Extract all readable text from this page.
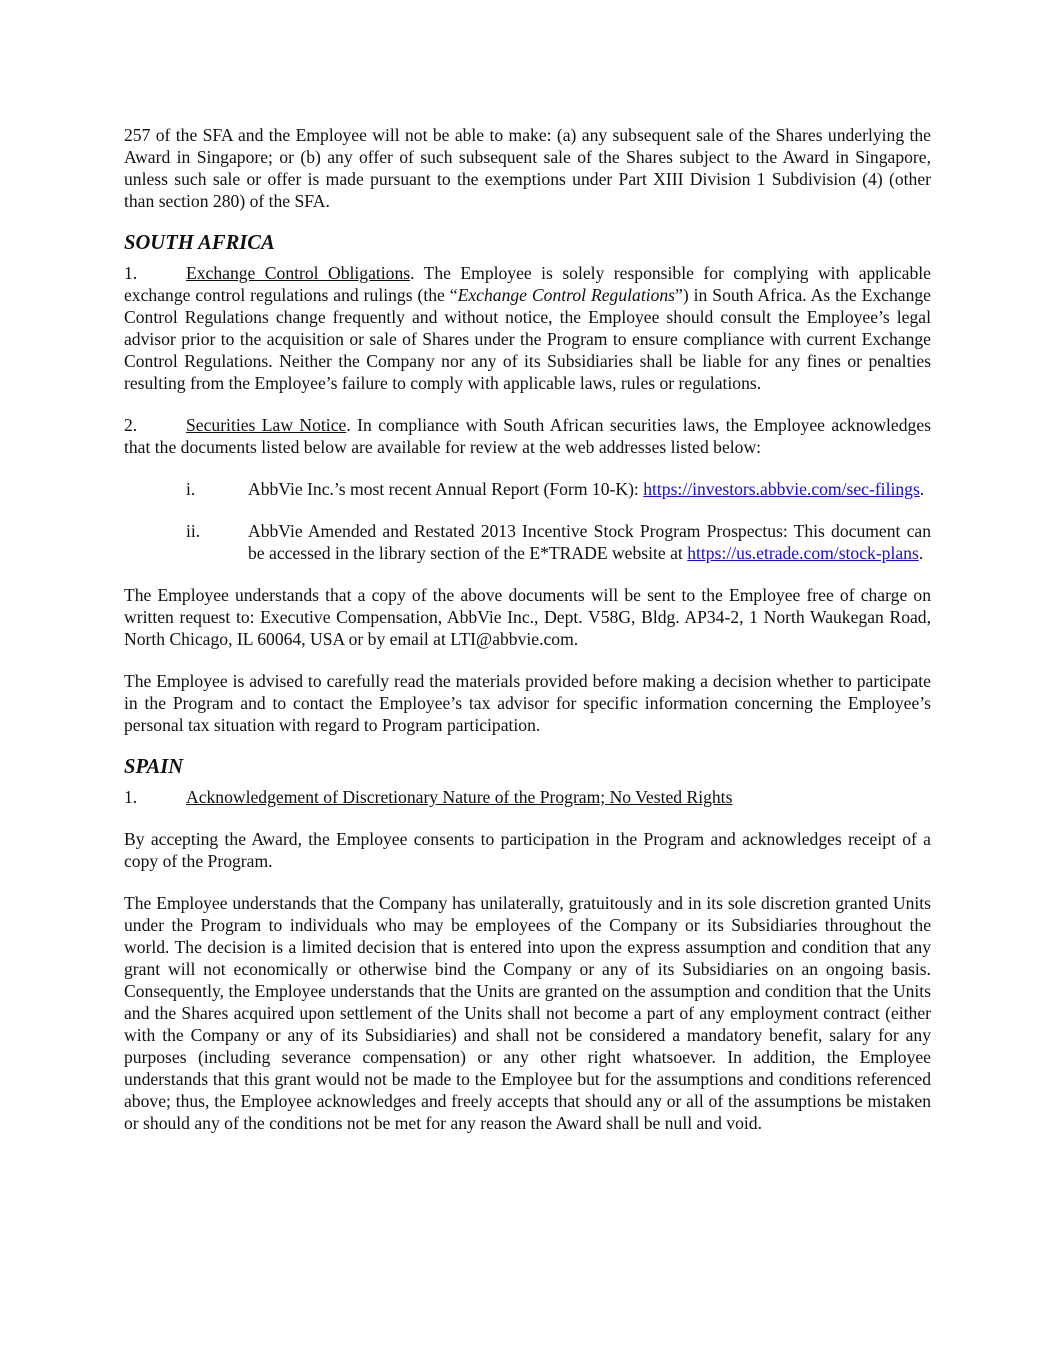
257 of the SFA and the Employee will not be able to make: (a) any subsequent sale of the Shares underlying the Award in Singapore; or (b) any offer of such subsequent sale of the Shares subject to the Award in Singapore, unless such sale or offer is made pursuant to the exemptions under Part XIII Division 1 Subdivision (4) (other than section 280) of the SFA.

SOUTH AFRICA

1.	Exchange Control Obligations. The Employee is solely responsible for complying with applicable exchange control regulations and rulings (the “Exchange Control Regulations”) in South Africa. As the Exchange Control Regulations change frequently and without notice, the Employee should consult the Employee’s legal advisor prior to the acquisition or sale of Shares under the Program to ensure compliance with current Exchange Control Regulations. Neither the Company nor any of its Subsidiaries shall be liable for any fines or penalties resulting from the Employee’s failure to comply with applicable laws, rules or regulations.

2.	Securities Law Notice. In compliance with South African securities laws, the Employee acknowledges that the documents listed below are available for review at the web addresses listed below:

i.	AbbVie Inc.’s most recent Annual Report (Form 10-K): https://investors.abbvie.com/sec-filings.
ii.	AbbVie Amended and Restated 2013 Incentive Stock Program Prospectus: This document can be accessed in the library section of the E*TRADE website at https://us.etrade.com/stock-plans.

The Employee understands that a copy of the above documents will be sent to the Employee free of charge on written request to: Executive Compensation, AbbVie Inc., Dept. V58G, Bldg. AP34-2, 1 North Waukegan Road, North Chicago, IL 60064, USA or by email at LTI@abbvie.com.

The Employee is advised to carefully read the materials provided before making a decision whether to participate in the Program and to contact the Employee’s tax advisor for specific information concerning the Employee’s personal tax situation with regard to Program participation.

SPAIN

1.	Acknowledgement of Discretionary Nature of the Program; No Vested Rights

By accepting the Award, the Employee consents to participation in the Program and acknowledges receipt of a copy of the Program.

The Employee understands that the Company has unilaterally, gratuitously and in its sole discretion granted Units under the Program to individuals who may be employees of the Company or its Subsidiaries throughout the world. The decision is a limited decision that is entered into upon the express assumption and condition that any grant will not economically or otherwise bind the Company or any of its Subsidiaries on an ongoing basis. Consequently, the Employee understands that the Units are granted on the assumption and condition that the Units and the Shares acquired upon settlement of the Units shall not become a part of any employment contract (either with the Company or any of its Subsidiaries) and shall not be considered a mandatory benefit, salary for any purposes (including severance compensation) or any other right whatsoever. In addition, the Employee understands that this grant would not be made to the Employee but for the assumptions and conditions referenced above; thus, the Employee acknowledges and freely accepts that should any or all of the assumptions be mistaken or should any of the conditions not be met for any reason the Award shall be null and void.
